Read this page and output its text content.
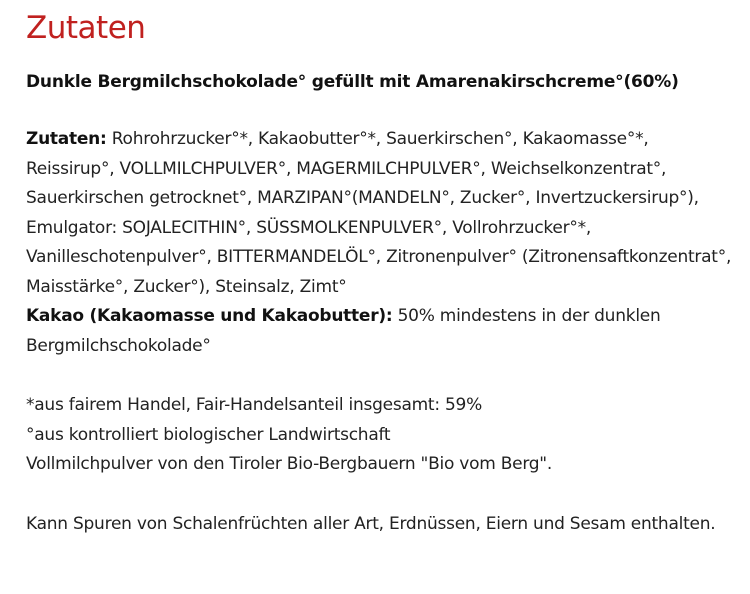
Zutaten

Dunkle Bergmilchschokolade° gefüllt mit Amarenakirschcreme°(60%)

Zutaten: Rohrohrzucker°*, Kakaobutter°*, Sauerkirschen°, Kakaomasse°*, Reissirup°, VOLLMILCHPULVER°, MAGERMILCHPULVER°, Weichselkonzentrat°, Sauerkirschen getrocknet°, MARZIPAN°(MANDELN°, Zucker°, Invertzuckersirup°), Emulgator: SOJALECITHIN°, SÜSSMOLKENPULVER°, Vollrohrzucker°*, Vanilleschotenpulver°, BITTERMANDELÖL°, Zitronenpulver° (Zitronensaftkonzentrat°, Maisstärke°, Zucker°), Steinsalz, Zimt°
Kakao (Kakaomasse und Kakaobutter): 50% mindestens in der dunklen Bergmilchschokolade°

*aus fairem Handel, Fair-Handelsanteil insgesamt: 59%
°aus kontrolliert biologischer Landwirtschaft
Vollmilchpulver von den Tiroler Bio-Bergbauern "Bio vom Berg".

Kann Spuren von Schalenfrüchten aller Art, Erdnüssen, Eiern und Sesam enthalten.
